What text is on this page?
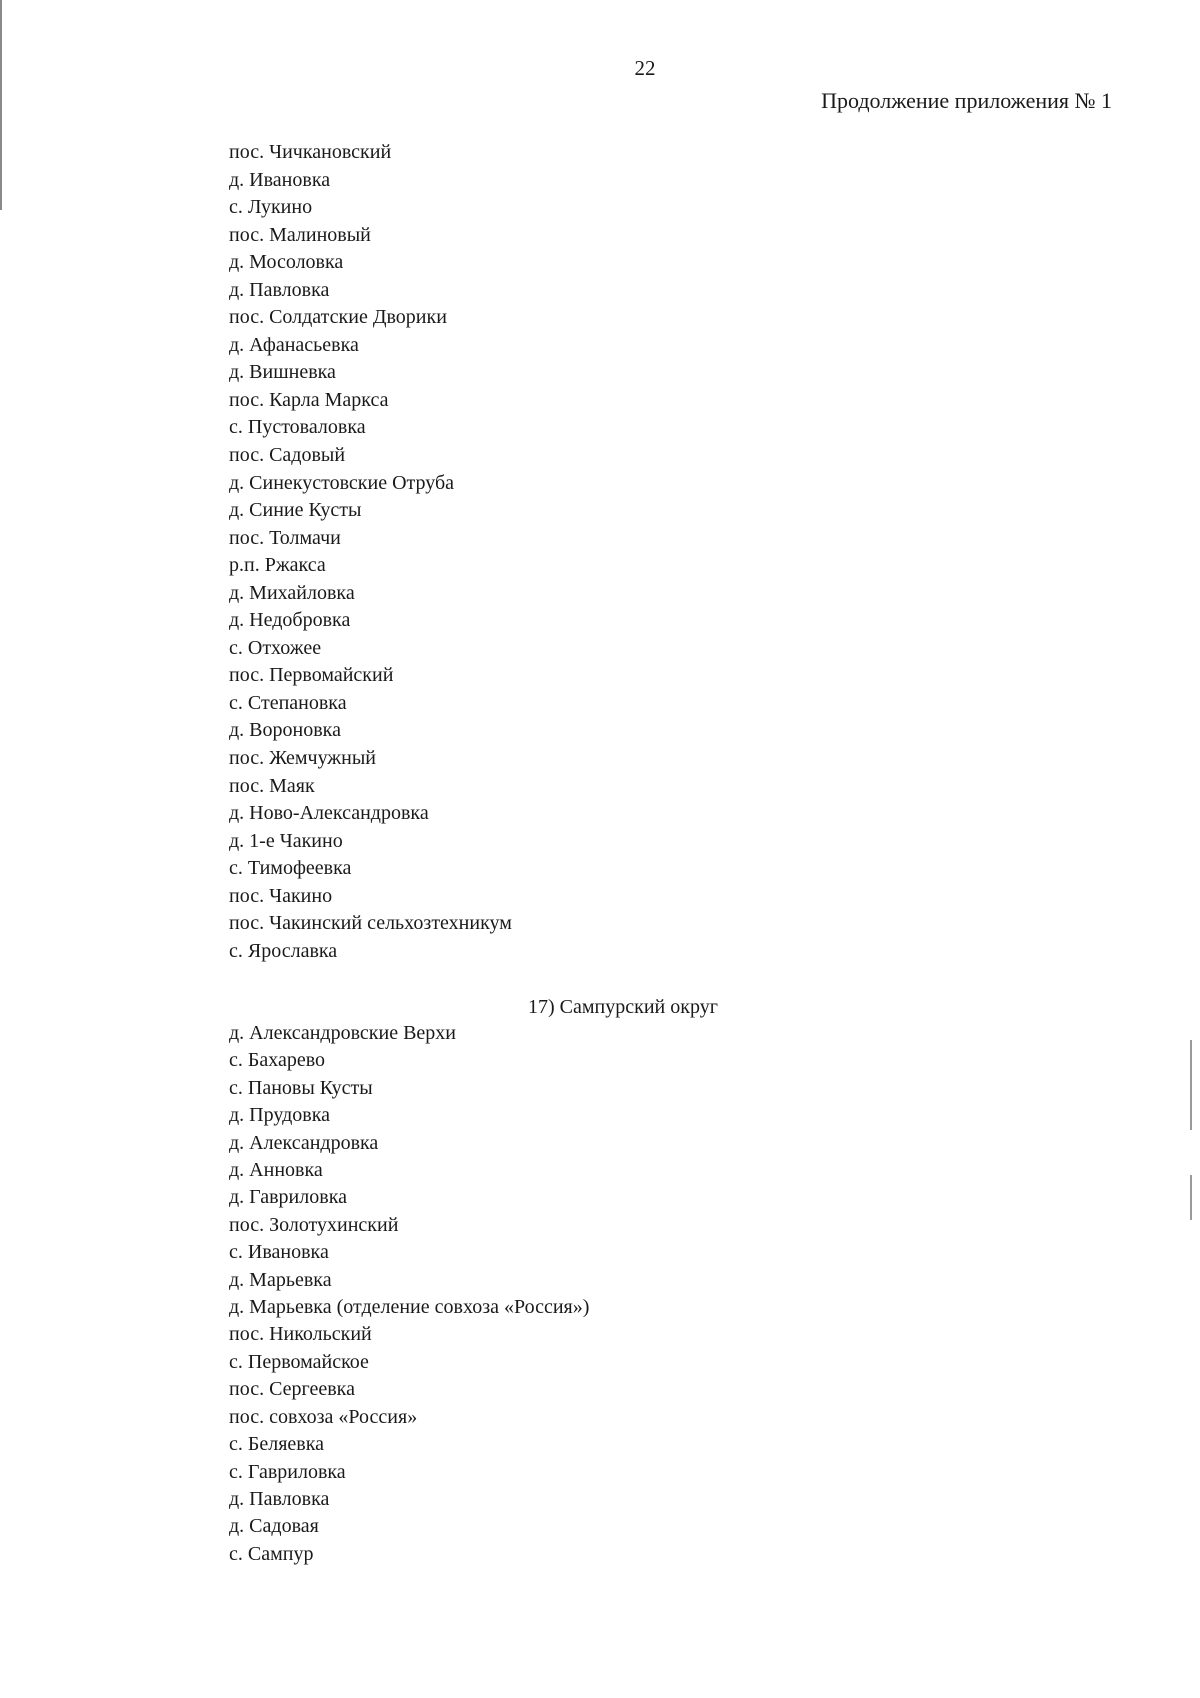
22
Продолжение приложения № 1
пос. Чичкановский
д. Ивановка
с. Лукино
пос. Малиновый
д. Мосоловка
д. Павловка
пос. Солдатские Дворики
д. Афанасьевка
д. Вишневка
пос. Карла Маркса
с. Пустоваловка
пос. Садовый
д. Синекустовские Отруба
д. Синие Кусты
пос. Толмачи
р.п. Ржакса
д. Михайловка
д. Недобровка
с. Отхожее
пос. Первомайский
с. Степановка
д. Вороновка
пос. Жемчужный
пос. Маяк
д. Ново-Александровка
д. 1-е Чакино
с. Тимофеевка
пос. Чакино
пос. Чакинский сельхозтехникум
с. Ярославка
17) Сампурский округ
д. Александровские Верхи
с. Бахарево
с. Пановы Кусты
д. Прудовка
д. Александровка
д. Анновка
д. Гавриловка
пос. Золотухинский
с. Ивановка
д. Марьевка
д. Марьевка (отделение совхоза «Россия»)
пос. Никольский
с. Первомайское
пос. Сергеевка
пос. совхоза «Россия»
с. Беляевка
с. Гавриловка
д. Павловка
д. Садовая
с. Сампур
